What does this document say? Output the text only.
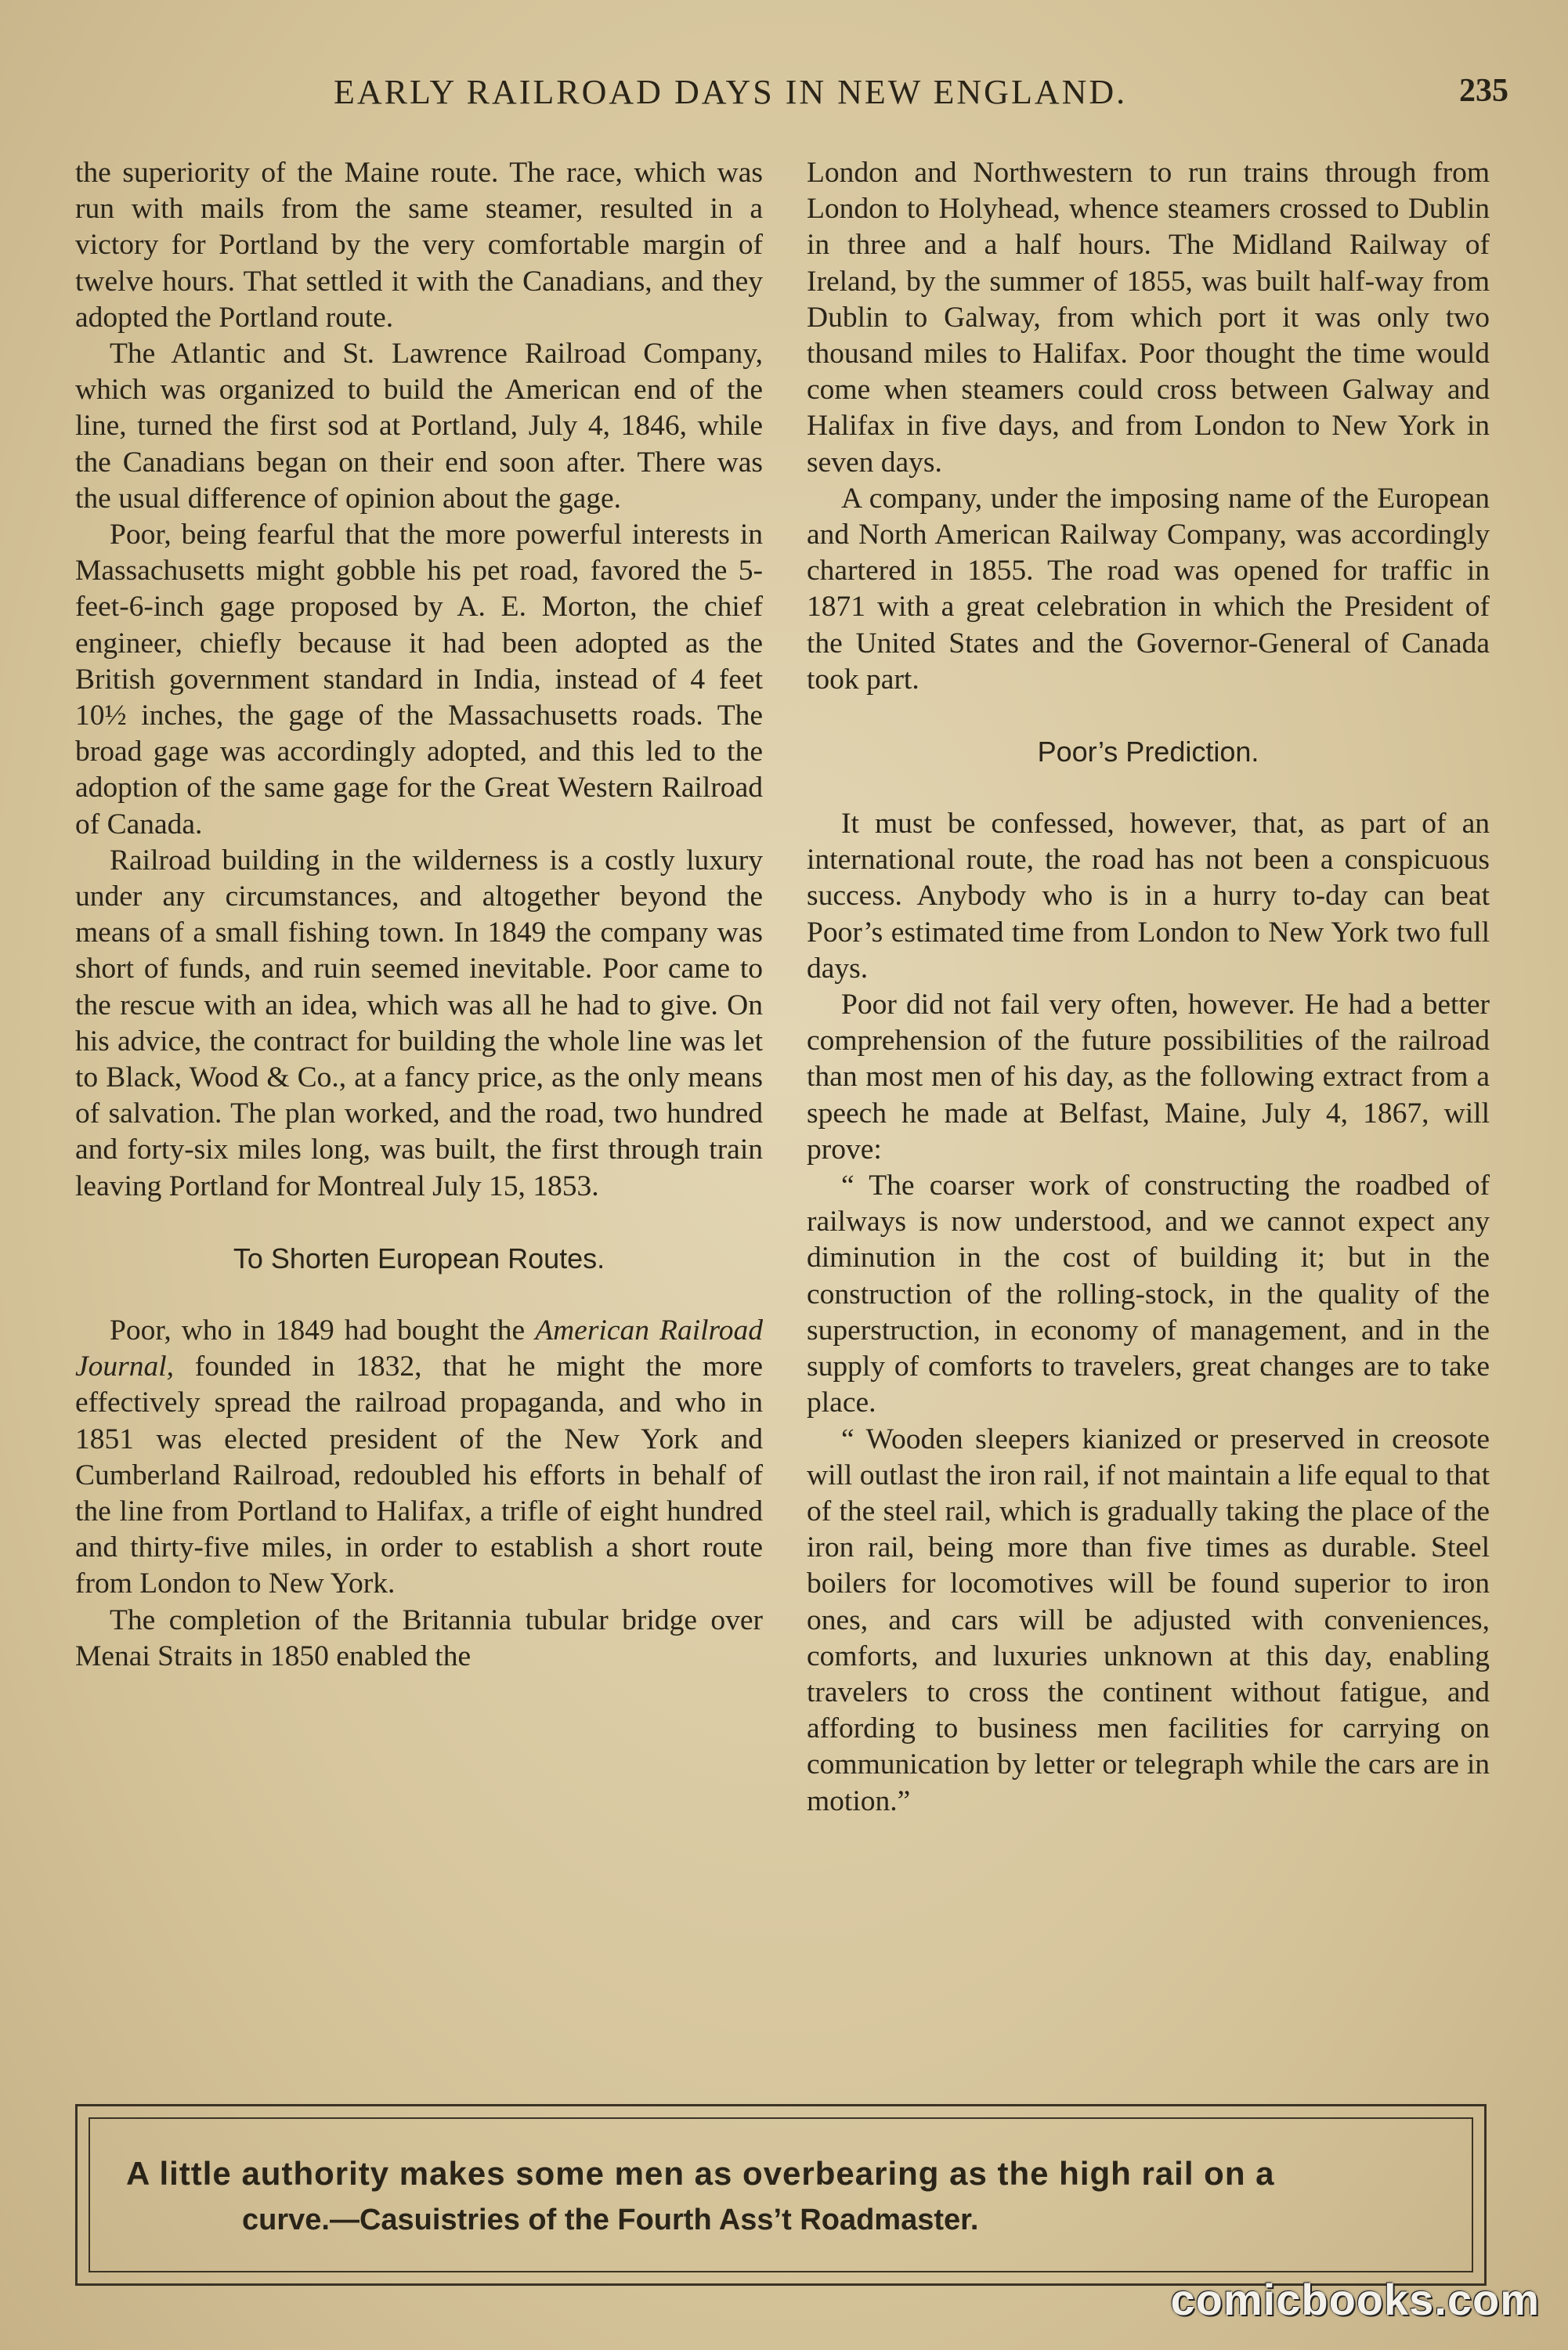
EARLY RAILROAD DAYS IN NEW ENGLAND.	235

the superiority of the Maine route. The race, which was run with mails from the same steamer, resulted in a victory for Portland by the very comfortable margin of twelve hours. That settled it with the Canadians, and they adopted the Portland route.

The Atlantic and St. Lawrence Railroad Company, which was organized to build the American end of the line, turned the first sod at Portland, July 4, 1846, while the Canadians began on their end soon after. There was the usual difference of opinion about the gage.

Poor, being fearful that the more powerful interests in Massachusetts might gobble his pet road, favored the 5-feet-6-inch gage proposed by A. E. Morton, the chief engineer, chiefly because it had been adopted as the British government standard in India, instead of 4 feet 10½ inches, the gage of the Massachusetts roads. The broad gage was accordingly adopted, and this led to the adoption of the same gage for the Great Western Railroad of Canada.

Railroad building in the wilderness is a costly luxury under any circumstances, and altogether beyond the means of a small fishing town. In 1849 the company was short of funds, and ruin seemed inevitable. Poor came to the rescue with an idea, which was all he had to give. On his advice, the contract for building the whole line was let to Black, Wood & Co., at a fancy price, as the only means of salvation. The plan worked, and the road, two hundred and forty-six miles long, was built, the first through train leaving Portland for Montreal July 15, 1853.

To Shorten European Routes.

Poor, who in 1849 had bought the American Railroad Journal, founded in 1832, that he might the more effectively spread the railroad propaganda, and who in 1851 was elected president of the New York and Cumberland Railroad, redoubled his efforts in behalf of the line from Portland to Halifax, a trifle of eight hundred and thirty-five miles, in order to establish a short route from London to New York.

The completion of the Britannia tubular bridge over Menai Straits in 1850 enabled the

London and Northwestern to run trains through from London to Holyhead, whence steamers crossed to Dublin in three and a half hours. The Midland Railway of Ireland, by the summer of 1855, was built half-way from Dublin to Galway, from which port it was only two thousand miles to Halifax. Poor thought the time would come when steamers could cross between Galway and Halifax in five days, and from London to New York in seven days.

A company, under the imposing name of the European and North American Railway Company, was accordingly chartered in 1855. The road was opened for traffic in 1871 with a great celebration in which the President of the United States and the Governor-General of Canada took part.

Poor’s Prediction.

It must be confessed, however, that, as part of an international route, the road has not been a conspicuous success. Anybody who is in a hurry to-day can beat Poor’s estimated time from London to New York two full days.

Poor did not fail very often, however. He had a better comprehension of the future possibilities of the railroad than most men of his day, as the following extract from a speech he made at Belfast, Maine, July 4, 1867, will prove:

“ The coarser work of constructing the roadbed of railways is now understood, and we cannot expect any diminution in the cost of building it; but in the construction of the rolling-stock, in the quality of the superstruction, in economy of management, and in the supply of comforts to travelers, great changes are to take place.

“ Wooden sleepers kianized or preserved in creosote will outlast the iron rail, if not maintain a life equal to that of the steel rail, which is gradually taking the place of the iron rail, being more than five times as durable. Steel boilers for locomotives will be found superior to iron ones, and cars will be adjusted with conveniences, comforts, and luxuries unknown at this day, enabling travelers to cross the continent without fatigue, and affording to business men facilities for carrying on communication by letter or telegraph while the cars are in motion.”

A little authority makes some men as overbearing as the high rail on a
curve.—Casuistries of the Fourth Ass’t Roadmaster.
comicbooks.com
